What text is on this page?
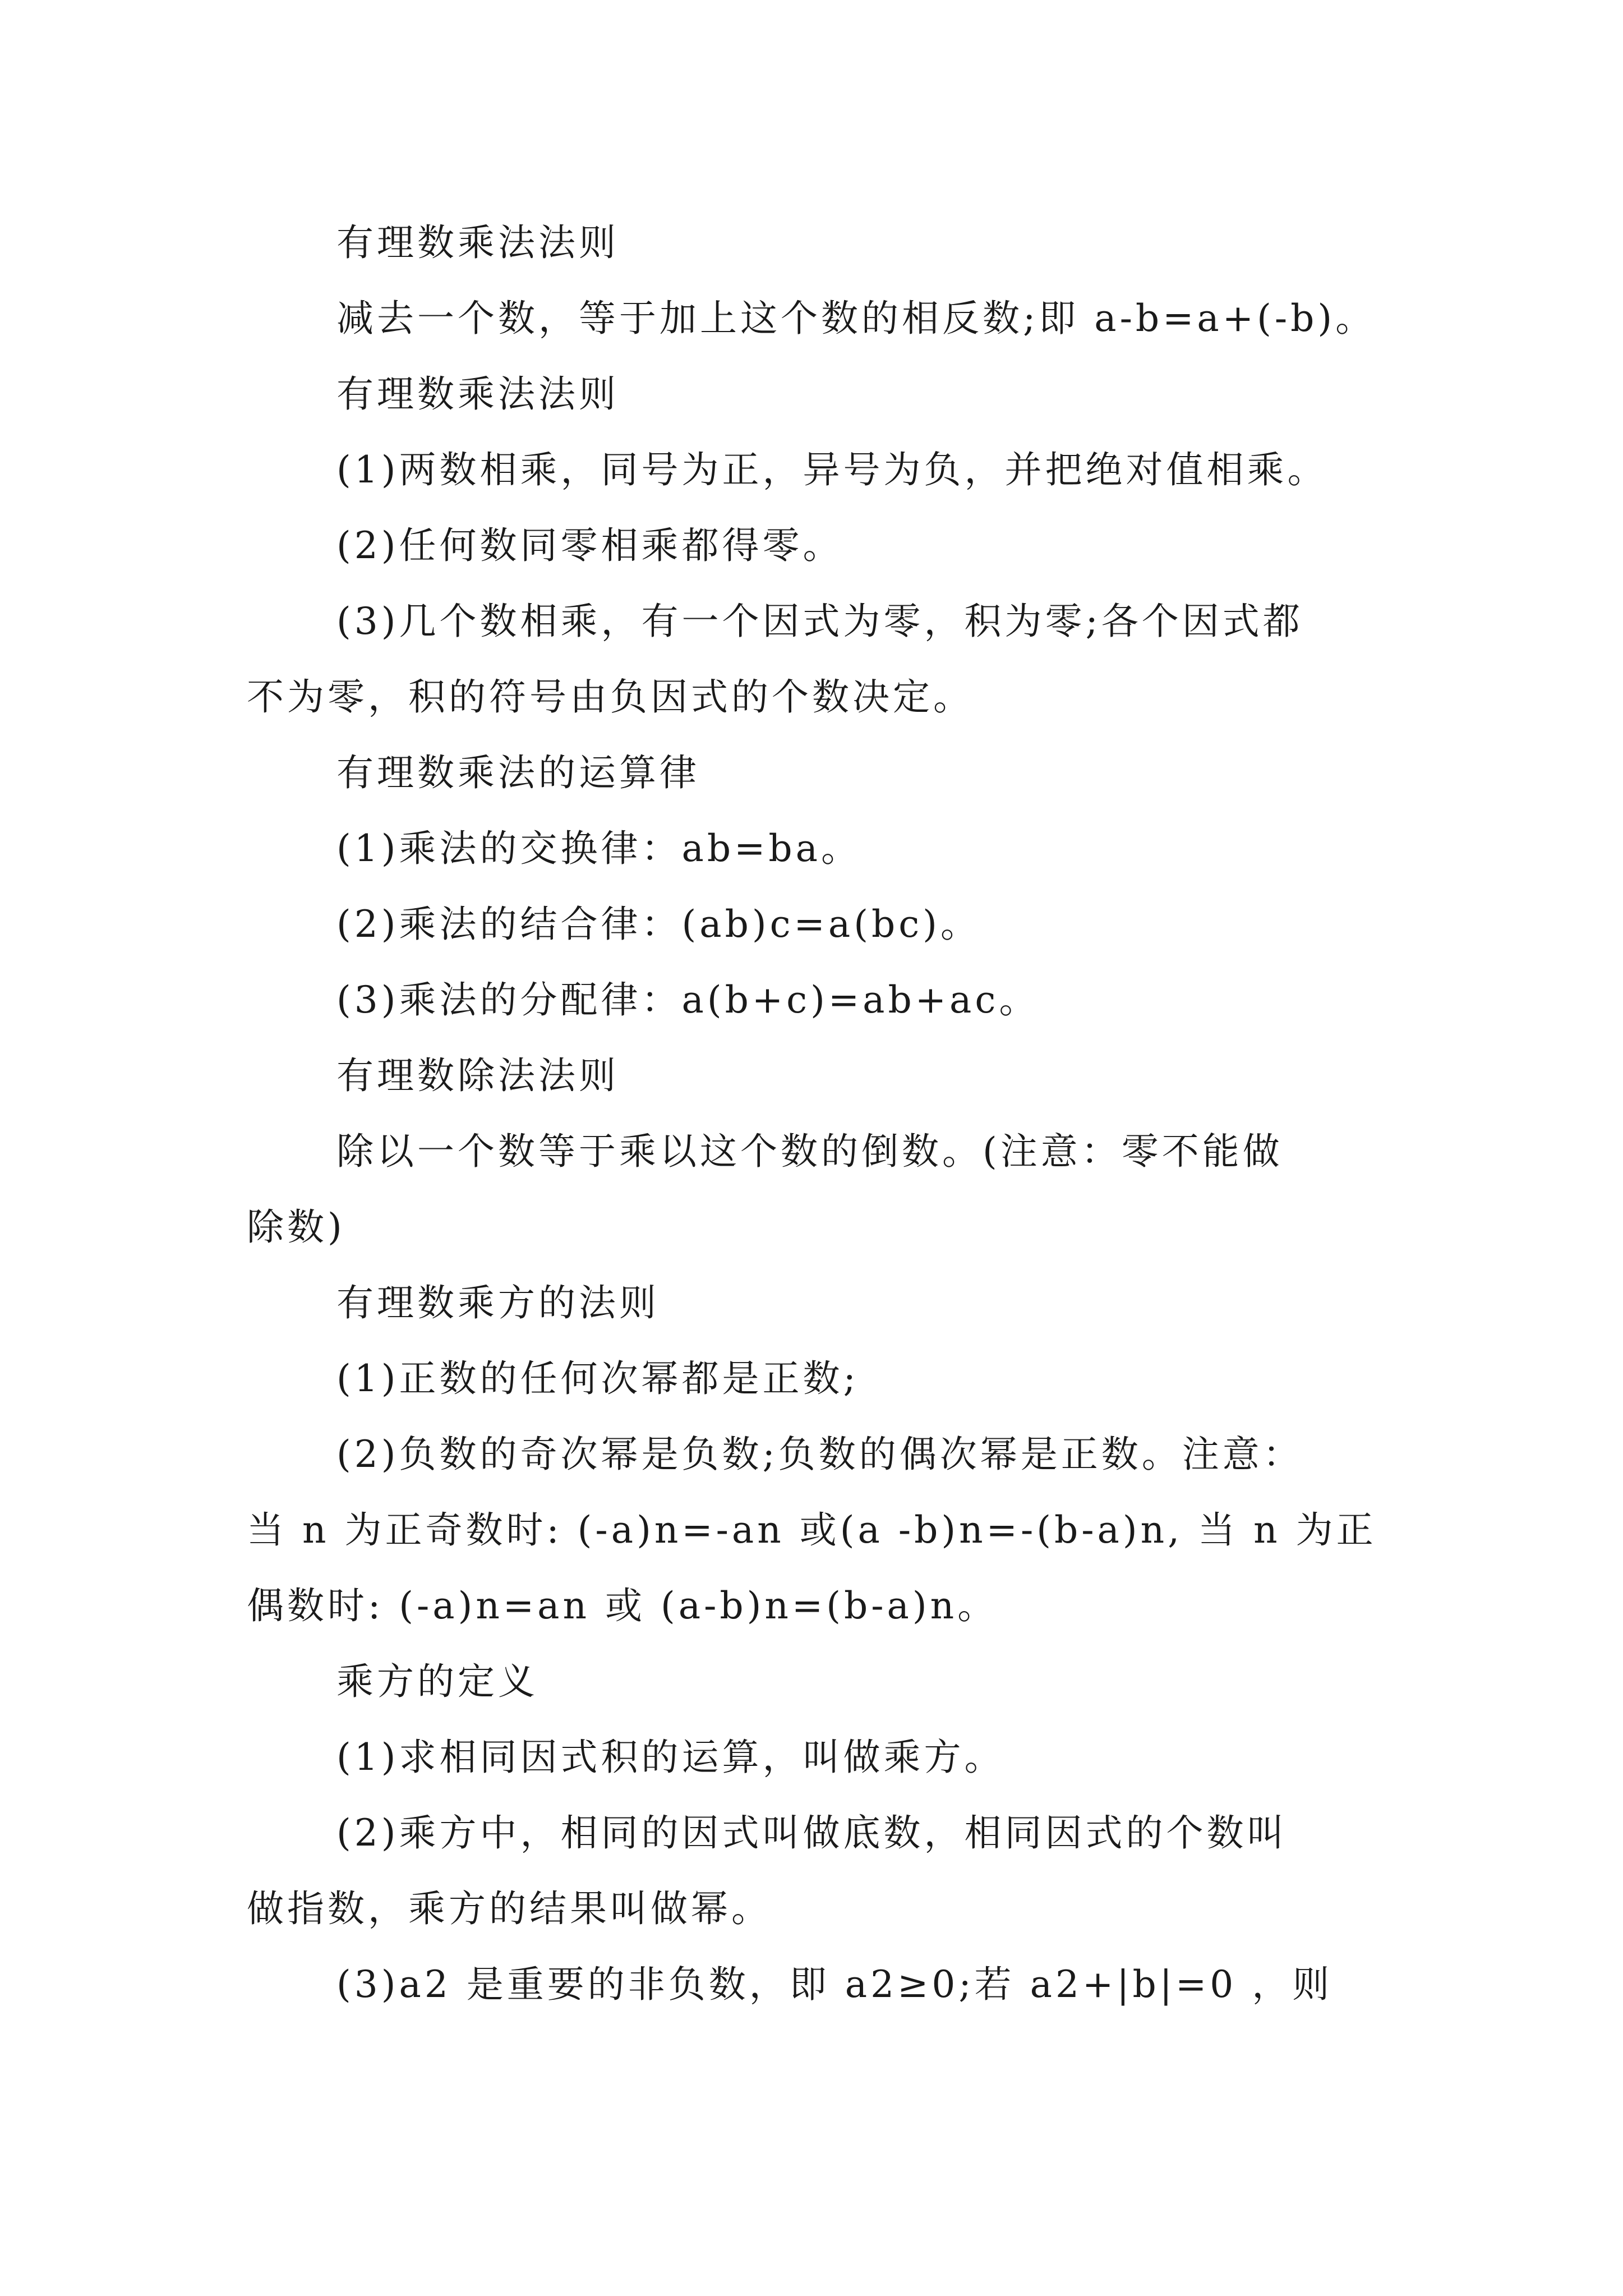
有理数乘法法则
减去一个数，等于加上这个数的相反数;即 a-b=a+(-b)。
有理数乘法法则
(1)两数相乘，同号为正，异号为负，并把绝对值相乘。
(2)任何数同零相乘都得零。
(3)几个数相乘，有一个因式为零，积为零;各个因式都
不为零，积的符号由负因式的个数决定。
有理数乘法的运算律
(1)乘法的交换律：ab=ba。
(2)乘法的结合律：(ab)c=a(bc)。
(3)乘法的分配律：a(b+c)=ab+ac。
有理数除法法则
除以一个数等于乘以这个数的倒数。(注意：零不能做
除数)
有理数乘方的法则
(1)正数的任何次幂都是正数;
(2)负数的奇次幂是负数;负数的偶次幂是正数。注意：
当 n 为正奇数时: (-a)n=-an 或(a -b)n=-(b-a)n, 当 n 为正
偶数时: (-a)n=an 或 (a-b)n=(b-a)n。
乘方的定义
(1)求相同因式积的运算，叫做乘方。
(2)乘方中，相同的因式叫做底数，相同因式的个数叫
做指数，乘方的结果叫做幂。
(3)a2 是重要的非负数，即 a2≥0;若 a2+|b|=0 ，则
